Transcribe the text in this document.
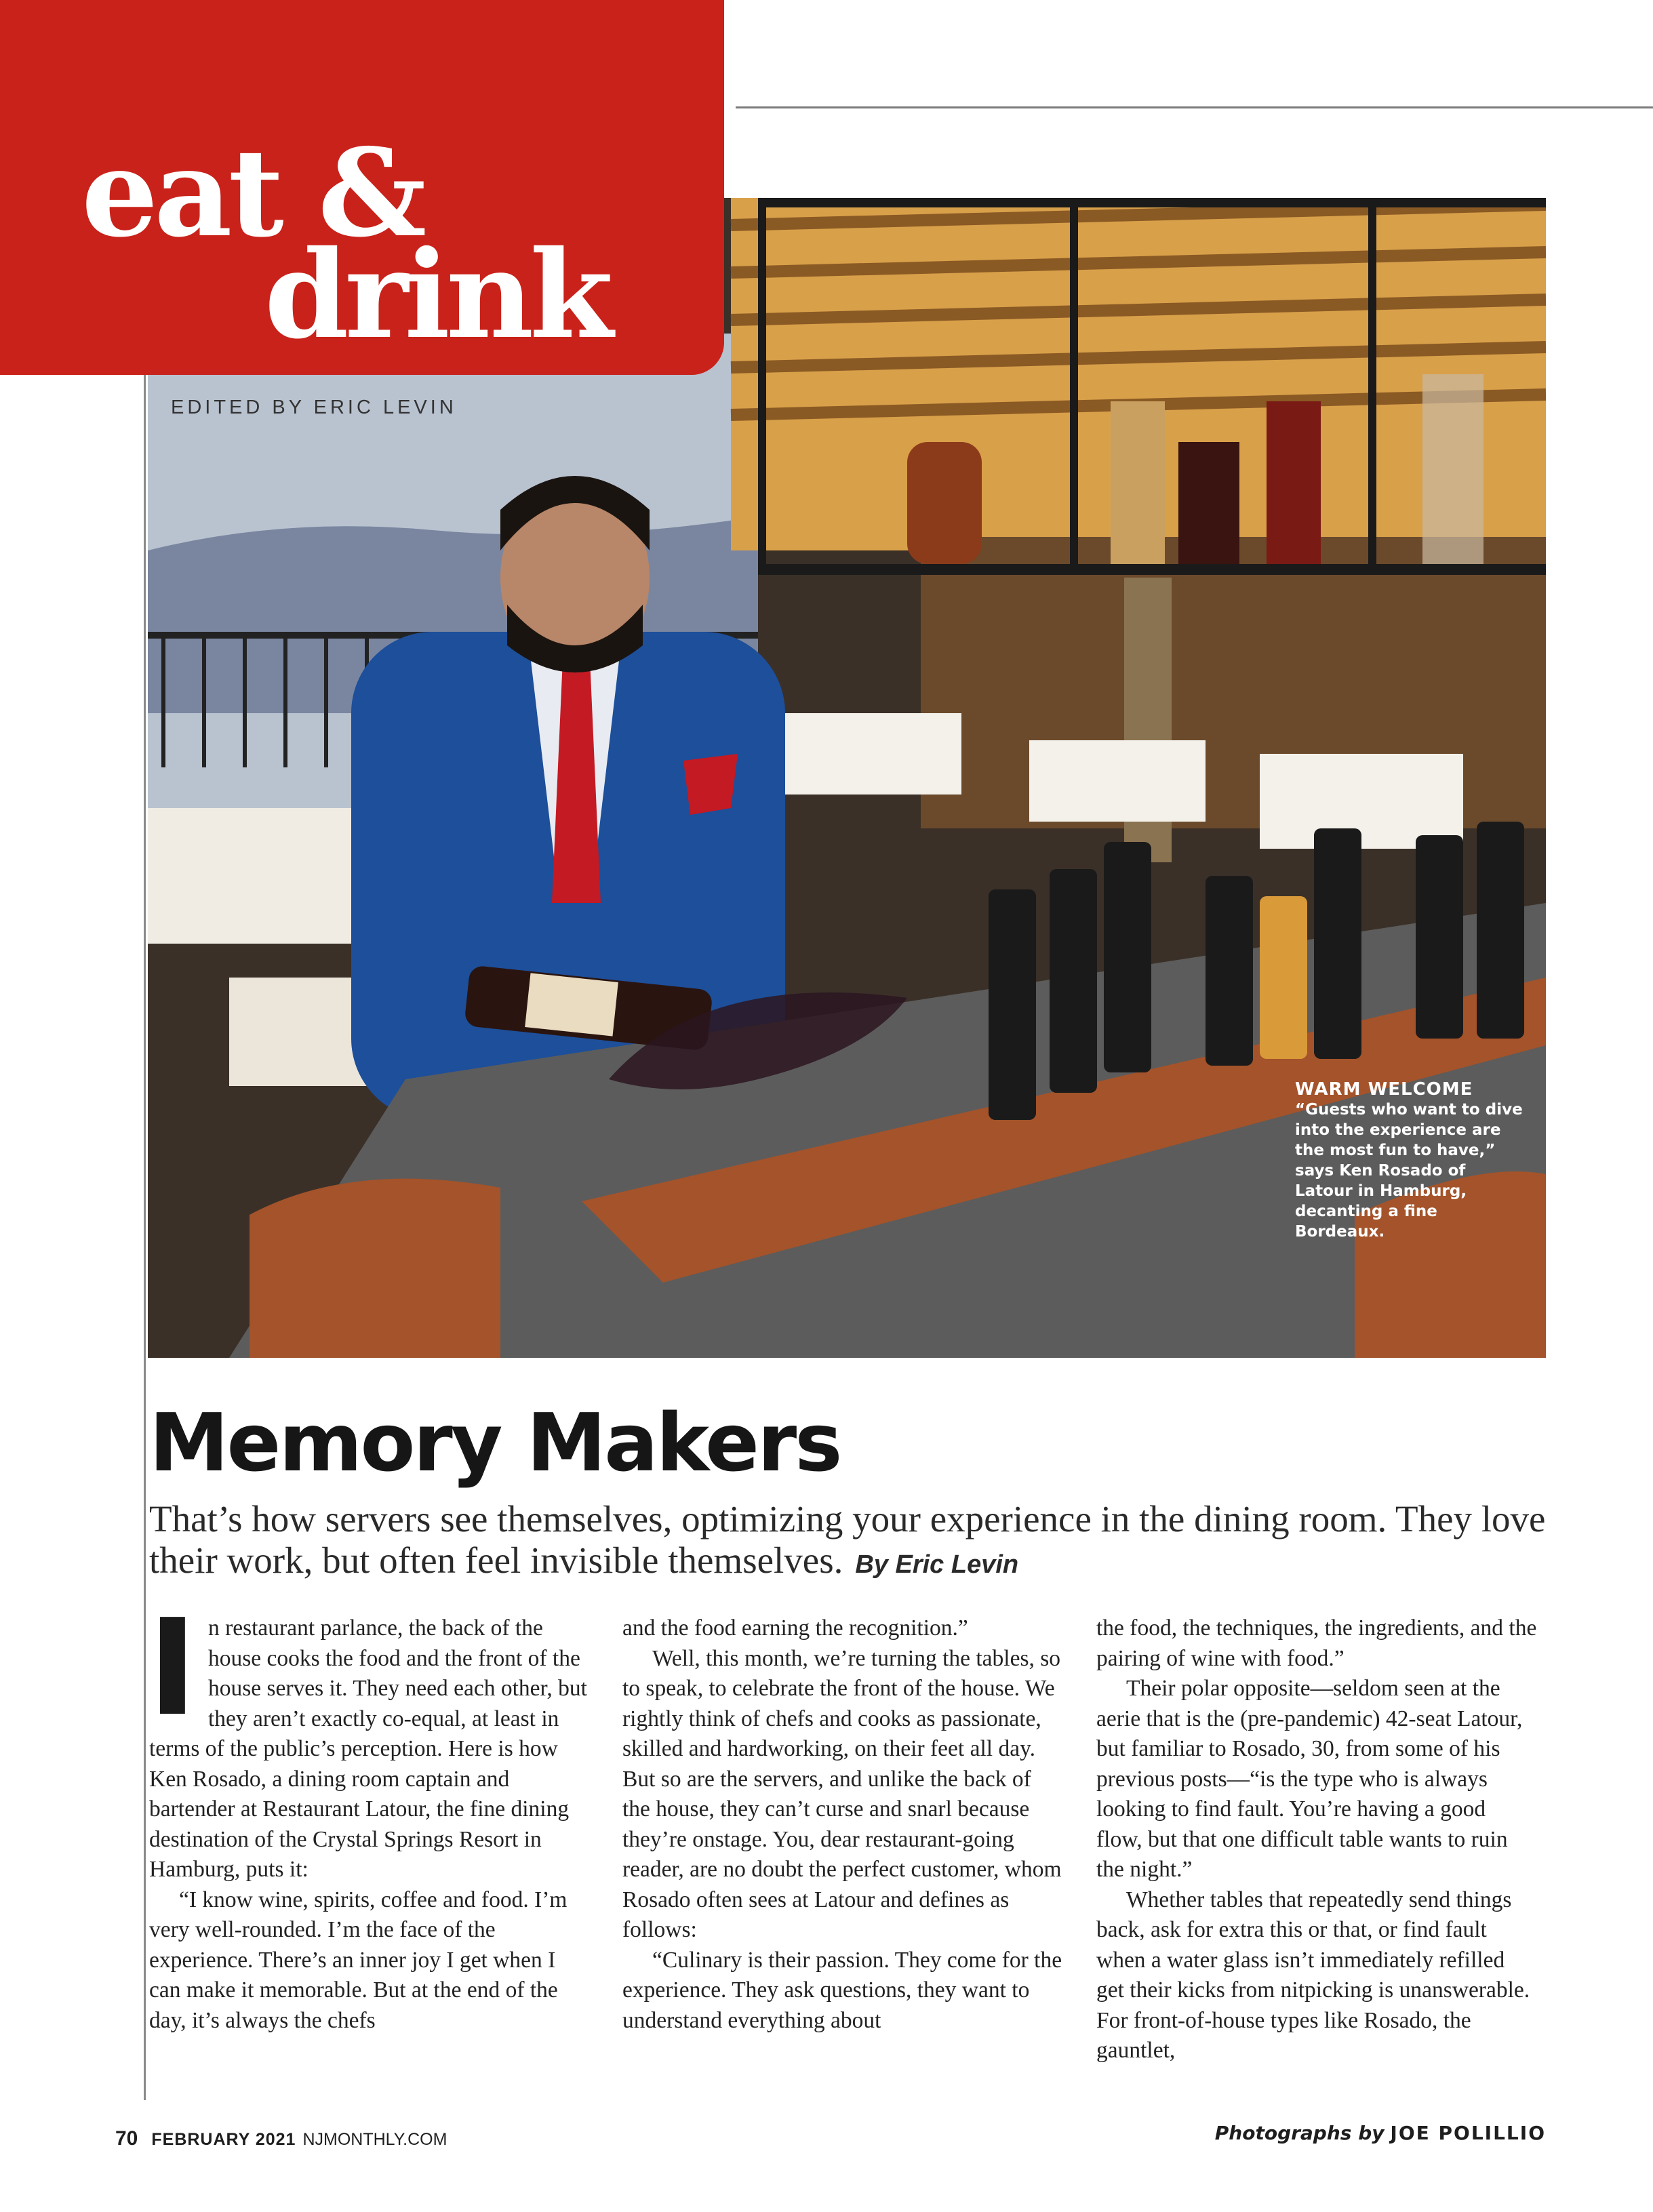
eat &
drink
EDITED BY ERIC LEVIN
WARM WELCOME
“Guests who want to dive into the experience are the most fun to have,” says Ken Rosado of Latour in Hamburg, decanting a fine Bordeaux.
Memory Makers
That’s how servers see themselves, optimizing your experience in the dining room. They love their work, but often feel invisible themselves. By Eric Levin

In restaurant parlance, the back of the house cooks the food and the front of the house serves it. They need each other, but they aren’t exactly co-equal, at least in terms of the public’s perception. Here is how Ken Rosado, a dining room captain and bartender at Restaurant Latour, the fine dining destination of the Crystal Springs Resort in Hamburg, puts it:

“I know wine, spirits, coffee and food. I’m very well-rounded. I’m the face of the experience. There’s an inner joy I get when I can make it memorable. But at the end of the day, it’s always the chefs

and the food earning the recognition.”

Well, this month, we’re turning the tables, so to speak, to celebrate the front of the house. We rightly think of chefs and cooks as passionate, skilled and hardworking, on their feet all day. But so are the servers, and unlike the back of the house, they can’t curse and snarl because they’re onstage. You, dear restaurant-going reader, are no doubt the perfect customer, whom Rosado often sees at Latour and defines as follows:

“Culinary is their passion. They come for the experience. They ask questions, they want to understand everything about

the food, the techniques, the ingredients, and the pairing of wine with food.”

Their polar opposite—seldom seen at the aerie that is the (pre-pandemic) 42-seat Latour, but familiar to Rosado, 30, from some of his previous posts—“is the type who is always looking to find fault. You’re having a good flow, but that one difficult table wants to ruin the night.”

Whether tables that repeatedly send things back, ask for extra this or that, or find fault when a water glass isn’t immediately refilled get their kicks from nitpicking is unanswerable. For front-of-house types like Rosado, the gauntlet,

70 FEBRUARY 2021 NJMONTHLY.COM	Photographs by JOE POLILLIO
